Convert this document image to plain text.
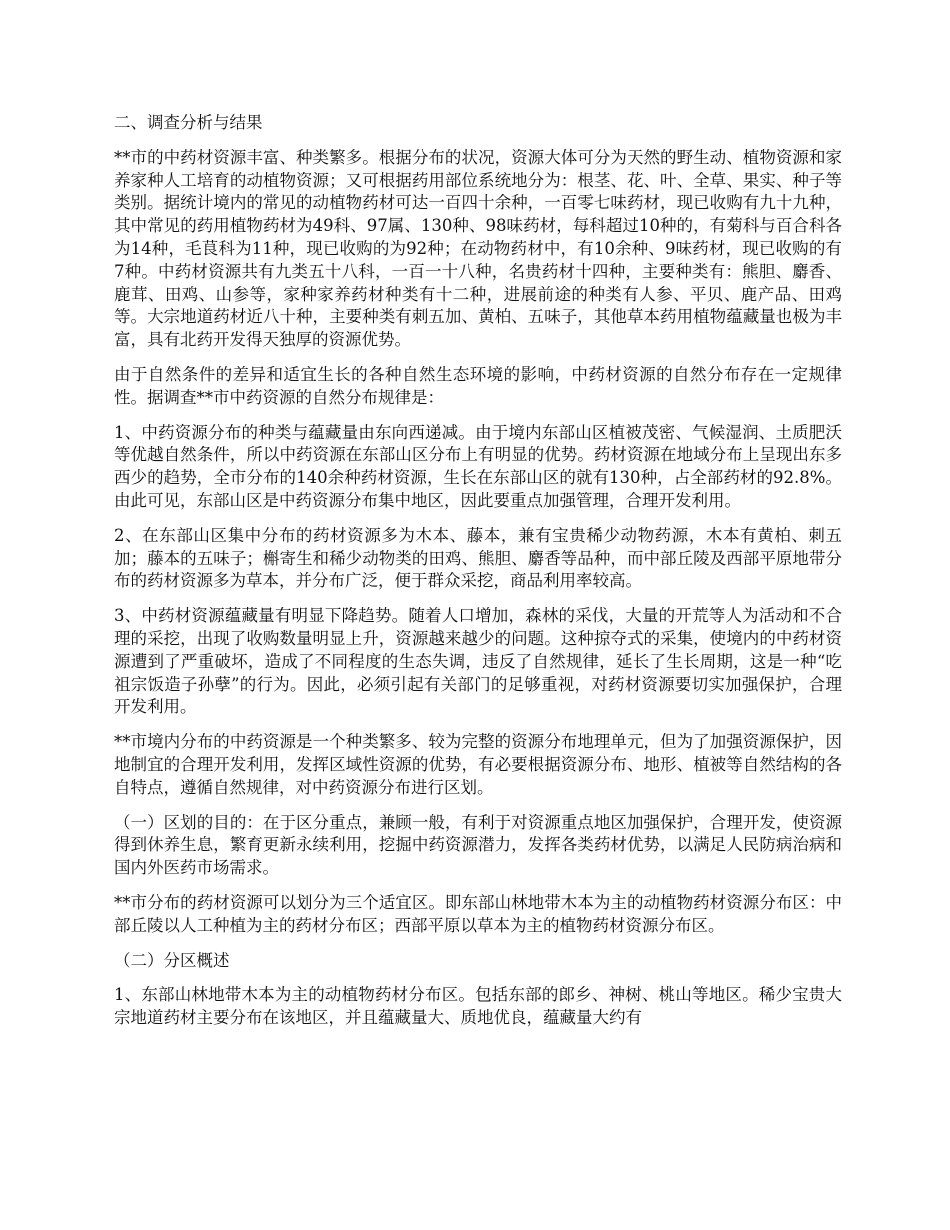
二、调查分析与结果

**市的中药材资源丰富、种类繁多。根据分布的状况，资源大体可分为天然的野生动、植物资源和家养家种人工培育的动植物资源；又可根据药用部位系统地分为：根茎、花、叶、全草、果实、种子等类别。据统计境内的常见的动植物药材可达一百四十余种，一百零七味药材，现已收购有九十九种，其中常见的药用植物药材为49科、97属、130种、98味药材，每科超过10种的，有菊科与百合科各为14种，毛茛科为11种，现已收购的为92种；在动物药材中，有10余种、9味药材，现已收购的有7种。中药材资源共有九类五十八科，一百一十八种，名贵药材十四种，主要种类有：熊胆、麝香、鹿茸、田鸡、山参等，家种家养药材种类有十二种，进展前途的种类有人参、平贝、鹿产品、田鸡等。大宗地道药材近八十种，主要种类有刺五加、黄柏、五味子，其他草本药用植物蕴藏量也极为丰富，具有北药开发得天独厚的资源优势。

由于自然条件的差异和适宜生长的各种自然生态环境的影响，中药材资源的自然分布存在一定规律性。据调查**市中药资源的自然分布规律是：

1、中药资源分布的种类与蕴藏量由东向西递减。由于境内东部山区植被茂密、气候湿润、土质肥沃等优越自然条件，所以中药资源在东部山区分布上有明显的优势。药材资源在地域分布上呈现出东多西少的趋势，全市分布的140余种药材资源，生长在东部山区的就有130种，占全部药材的92.8%。由此可见，东部山区是中药资源分布集中地区，因此要重点加强管理，合理开发利用。

2、在东部山区集中分布的药材资源多为木本、藤本，兼有宝贵稀少动物药源，木本有黄柏、刺五加；藤本的五味子；槲寄生和稀少动物类的田鸡、熊胆、麝香等品种，而中部丘陵及西部平原地带分布的药材资源多为草本，并分布广泛，便于群众采挖，商品利用率较高。

3、中药材资源蕴藏量有明显下降趋势。随着人口增加，森林的采伐，大量的开荒等人为活动和不合理的采挖，出现了收购数量明显上升，资源越来越少的问题。这种掠夺式的采集，使境内的中药材资源遭到了严重破坏，造成了不同程度的生态失调，违反了自然规律，延长了生长周期，这是一种“吃祖宗饭造子孙孽”的行为。因此，必须引起有关部门的足够重视，对药材资源要切实加强保护，合理开发利用。

**市境内分布的中药资源是一个种类繁多、较为完整的资源分布地理单元，但为了加强资源保护，因地制宜的合理开发利用，发挥区域性资源的优势，有必要根据资源分布、地形、植被等自然结构的各自特点，遵循自然规律，对中药资源分布进行区划。

（一）区划的目的：在于区分重点，兼顾一般，有利于对资源重点地区加强保护，合理开发，使资源得到休养生息，繁育更新永续利用，挖掘中药资源潜力，发挥各类药材优势，以满足人民防病治病和国内外医药市场需求。

**市分布的药材资源可以划分为三个适宜区。即东部山林地带木本为主的动植物药材资源分布区：中部丘陵以人工种植为主的药材分布区；西部平原以草本为主的植物药材资源分布区。

（二）分区概述

1、东部山林地带木本为主的动植物药材分布区。包括东部的郎乡、神树、桃山等地区。稀少宝贵大宗地道药材主要分布在该地区，并且蕴藏量大、质地优良，蕴藏量大约有
